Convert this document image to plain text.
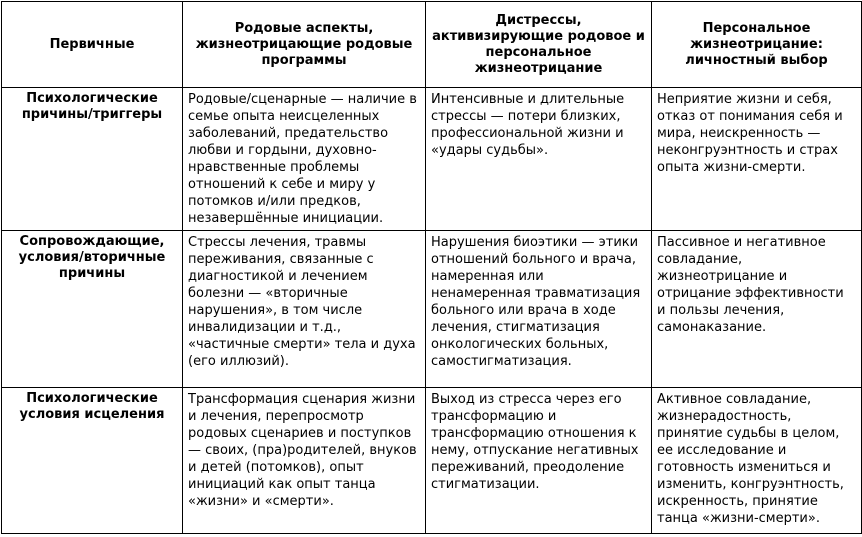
Первичные	Родовые аспекты, жизнеотрицающие родовые программы	Дистрессы, активизирующие родовое и персональное жизнеотрицание	Персональное жизнеотрицание: личностный выбор
Психологические причины/триггеры	Родовые/сценарные — наличие в семье опыта неисцеленных заболеваний, предательство любви и гордыни, духовно-нравственные проблемы отношений к себе и миру у потомков и/или предков, незавершённые инициации.	Интенсивные и длительные стрессы — потери близких, профессиональной жизни и «удары судьбы».	Неприятие жизни и себя, отказ от понимания себя и мира, неискренность — неконгруэнтность и страх опыта жизни-смерти.
Сопровождающие, условия/вторичные причины	Стрессы лечения, травмы переживания, связанные с диагностикой и лечением болезни — «вторичные нарушения», в том числе инвалидизации и т.д., «частичные смерти» тела и духа (его иллюзий).	Нарушения биоэтики — этики отношений больного и врача, намеренная или ненамеренная травматизация больного или врача в ходе лечения, стигматизация онкологических больных, самостигматизация.	Пассивное и негативное совладание, жизнеотрицание и отрицание эффективности и пользы лечения, самонаказание.
Психологические условия исцеления	Трансформация сценария жизни и лечения, перепросмотр родовых сценариев и поступков — своих, (пра)родителей, внуков и детей (потомков), опыт инициаций как опыт танца «жизни» и «смерти».	Выход из стресса через его трансформацию и трансформацию отношения к нему, отпускание негативных переживаний, преодоление стигматизации.	Активное совладание, жизнерадостность, принятие судьбы в целом, ее исследование и готовность измениться и изменить, конгруэнтность, искренность, принятие танца «жизни-смерти».
